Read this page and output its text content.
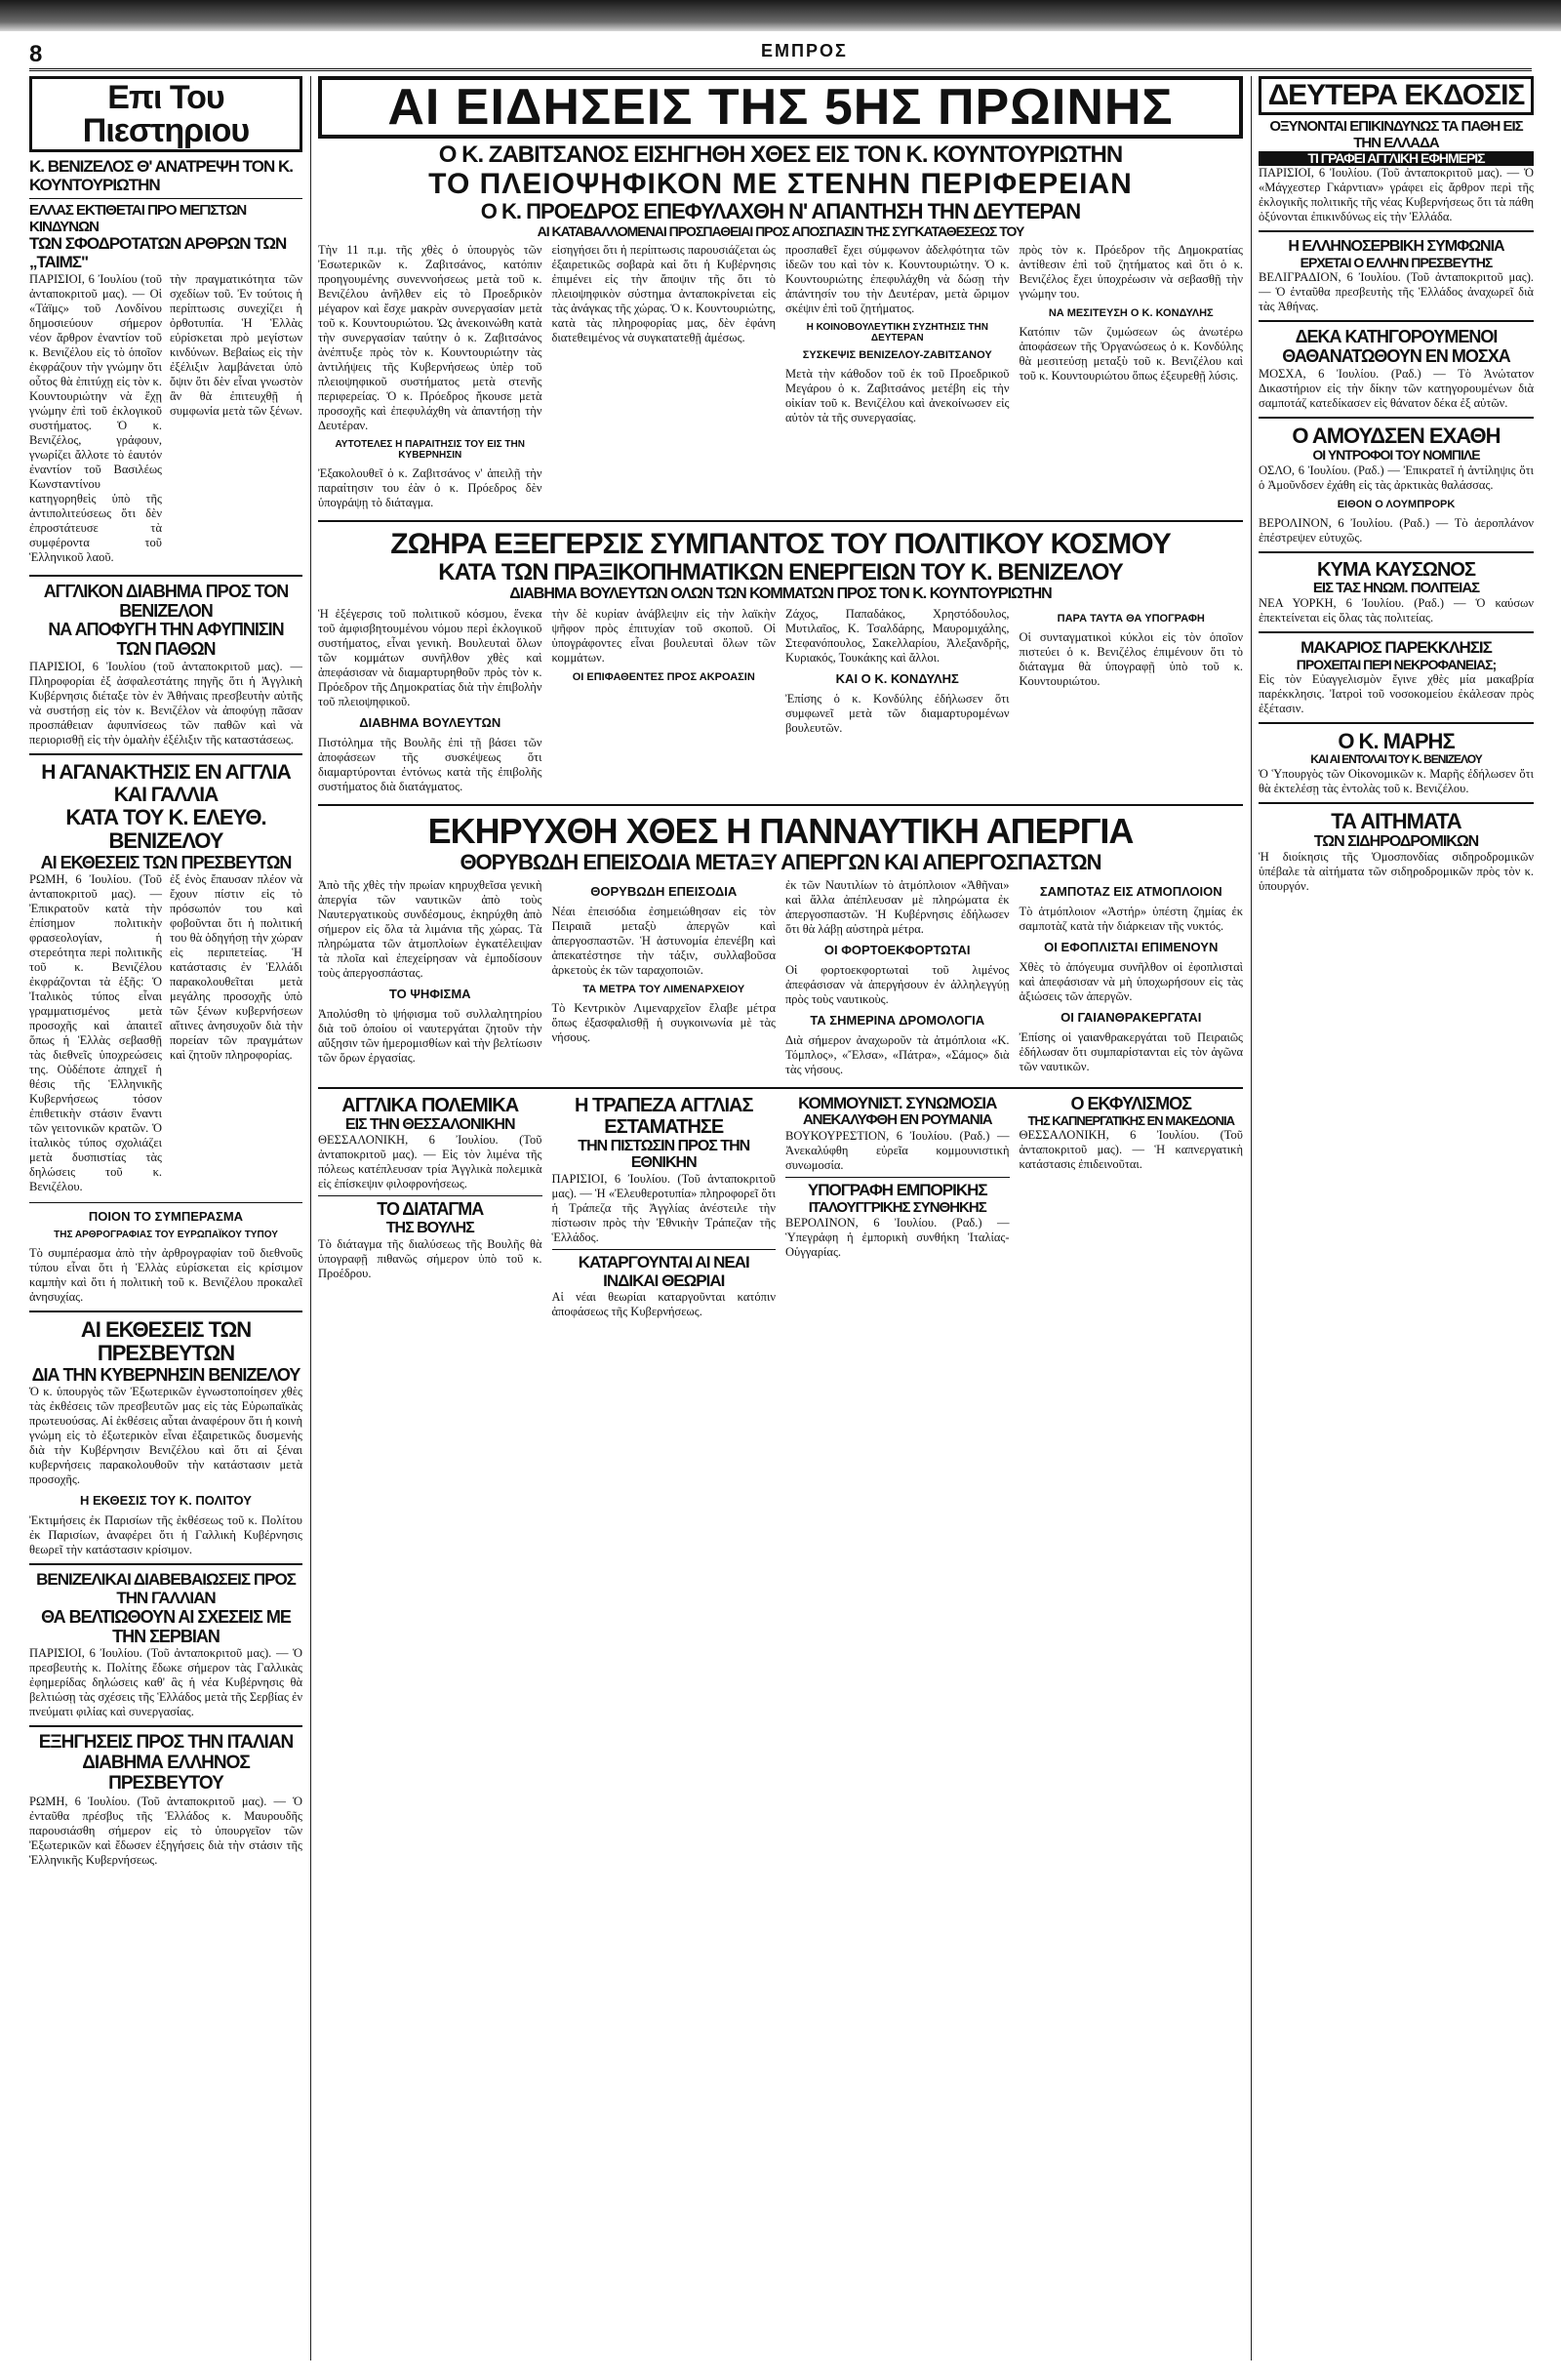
8	ΕΜΠΡΟΣ
Επι Του Πιεστηριου
Κ. ΒΕΝΙΖΕΛΟΣ Θ' ΑΝΑΤΡΕΨΗ ΤΟΝ Κ. ΚΟΥΝΤΟΥΡΙΩΤΗΝ
ΕΛΛΑΣ ΕΚΤΙΘΕΤΑΙ ΠΡΟ ΜΕΓΙΣΤΩΝ ΚΙΝΔΥΝΩΝ
ΤΩΝ ΣΦΟΔΡΟΤΑΤΩΝ ΑΡΘΡΩΝ ΤΩΝ „ΤΑΙΜΣ"

ΠΑΡΙΣΙΟΙ, 6 Ἰουλίου (τοῦ ἀνταποκριτοῦ μας). — Οἱ «Τάϊμς» τοῦ Λονδίνου δημοσιεύουν σήμερον νέον ἄρθρον ἐναντίον τοῦ κ. Βενιζέλου εἰς τὸ ὁποῖον ἐκφράζουν τὴν γνώμην ὅτι οὗτος θὰ ἐπιτύχῃ εἰς τὸν κ. Κουντουριώτην νὰ ἔχῃ γνώμην ἐπὶ τοῦ ἐκλογικοῦ συστήματος. Ὁ κ. Βενιζέλος, γράφουν, γνωρίζει ἄλλοτε τὸ ἑαυτόν ἐναντίον τοῦ Βασιλέως Κωνσταντίνου κατηγορηθεὶς ὑπὸ τῆς ἀντιπολιτεύσεως ὅτι δὲν ἐπροστάτευσε τὰ συμφέροντα τοῦ Ἑλληνικοῦ λαοῦ.

τὴν πραγματικότητα τῶν σχεδίων τοῦ. Ἐν τούτοις ἡ περίπτωσις συνεχίζει ἡ ὀρθοτυπία. Ἡ Ἑλλὰς εὑρίσκεται πρὸ μεγίστων κινδύνων. Βεβαίως εἰς τὴν ἐξέλιξιν λαμβάνεται ὑπὸ ὄψιν ὅτι δὲν εἶναι γνωστὸν ἂν θὰ ἐπιτευχθῇ ἡ συμφωνία μετὰ τῶν ξένων.

ΑΓΓΛΙΚΟΝ ΔΙΑΒΗΜΑ ΠΡΟΣ ΤΟΝ ΒΕΝΙΖΕΛΟΝ
ΝΑ ΑΠΟΦΥΓΗ ΤΗΝ ΑΦΥΠΝΙΣΙΝ ΤΩΝ ΠΑΘΩΝ

ΠΑΡΙΣΙΟΙ, 6 Ἰουλίου (τοῦ ἀνταποκριτοῦ μας). — Πληροφορίαι ἐξ ἀσφαλεστάτης πηγῆς ὅτι ἡ Ἀγγλικὴ Κυβέρνησις διέταξε τὸν ἐν Ἀθήναις πρεσβευτὴν αὐτῆς νὰ συστήσῃ εἰς τὸν κ. Βενιζέλον νὰ ἀποφύγῃ πᾶσαν προσπάθειαν ἀφυπνίσεως τῶν παθῶν καὶ νὰ περιορισθῇ εἰς τὴν ὁμαλὴν ἐξέλιξιν τῆς καταστάσεως.

Η ΑΓΑΝΑΚΤΗΣΙΣ ΕΝ ΑΓΓΛΙΑ ΚΑΙ ΓΑΛΛΙΑ
ΚΑΤΑ ΤΟΥ Κ. ΕΛΕΥΘ. ΒΕΝΙΖΕΛΟΥ
ΑΙ ΕΚΘΕΣΕΙΣ ΤΩΝ ΠΡΕΣΒΕΥΤΩΝ

ΡΩΜΗ, 6 Ἰουλίου. (Τοῦ ἀνταποκριτοῦ μας). — Ἐπικρατοῦν κατὰ τὴν ἐπίσημον πολιτικὴν φρασεολογίαν, ἡ στερεότητα περὶ πολιτικῆς τοῦ κ. Βενιζέλου ἐκφράζονται τὰ ἑξῆς: Ὁ Ἰταλικὸς τύπος εἶναι γραμματισμένος μετὰ προσοχῆς καὶ ἀπαιτεῖ ὅπως ἡ Ἑλλὰς σεβασθῇ τὰς διεθνεῖς ὑποχρεώσεις της. Οὐδέποτε ἀπηχεῖ ἡ θέσις τῆς Ἑλληνικῆς Κυβερνήσεως τόσον ἐπιθετικὴν στάσιν ἔναντι τῶν γειτονικῶν κρατῶν. Ὁ ἰταλικὸς τύπος σχολιάζει μετὰ δυσπιστίας τὰς δηλώσεις τοῦ κ. Βενιζέλου.

ἐξ ἐνὸς ἔπαυσαν πλέον νὰ ἔχουν πίστιν εἰς τὸ πρόσωπόν του καὶ φοβοῦνται ὅτι ἡ πολιτική του θὰ ὁδηγήσῃ τὴν χώραν εἰς περιπετείας. Ἡ κατάστασις ἐν Ἑλλάδι παρακολουθεῖται μετὰ μεγάλης προσοχῆς ὑπὸ τῶν ξένων κυβερνήσεων αἵτινες ἀνησυχοῦν διὰ τὴν πορείαν τῶν πραγμάτων καὶ ζητοῦν πληροφορίας.

ΠΟΙΟΝ ΤΟ ΣΥΜΠΕΡΑΣΜΑ
ΤΗΣ ΑΡΘΡΟΓΡΑΦΙΑΣ ΤΟΥ ΕΥΡΩΠΑΪΚΟΥ ΤΥΠΟΥ

Τὸ συμπέρασμα ἀπὸ τὴν ἀρθρογραφίαν τοῦ διεθνοῦς τύπου εἶναι ὅτι ἡ Ἑλλὰς εὑρίσκεται εἰς κρίσιμον καμπὴν καὶ ὅτι ἡ πολιτικὴ τοῦ κ. Βενιζέλου προκαλεῖ ἀνησυχίας.

ΑΙ ΕΚΘΕΣΕΙΣ ΤΩΝ ΠΡΕΣΒΕΥΤΩΝ
ΔΙΑ ΤΗΝ ΚΥΒΕΡΝΗΣΙΝ ΒΕΝΙΖΕΛΟΥ

Ὁ κ. ὑπουργὸς τῶν Ἐξωτερικῶν ἐγνωστοποίησεν χθὲς τὰς ἐκθέσεις τῶν πρεσβευτῶν μας εἰς τὰς Εὐρωπαϊκὰς πρωτευούσας. Αἱ ἐκθέσεις αὗται ἀναφέρουν ὅτι ἡ κοινὴ γνώμη εἰς τὸ ἐξωτερικὸν εἶναι ἐξαιρετικῶς δυσμενὴς διὰ τὴν Κυβέρνησιν Βενιζέλου καὶ ὅτι αἱ ξέναι κυβερνήσεις παρακολουθοῦν τὴν κατάστασιν μετὰ προσοχῆς.

Η ΕΚΘΕΣΙΣ ΤΟΥ Κ. ΠΟΛΙΤΟΥ

Ἐκτιμήσεις ἐκ Παρισίων τῆς ἐκθέσεως τοῦ κ. Πολίτου ἐκ Παρισίων, ἀναφέρει ὅτι ἡ Γαλλικὴ Κυβέρνησις θεωρεῖ τὴν κατάστασιν κρίσιμον.

ΒΕΝΙΖΕΛΙΚΑΙ ΔΙΑΒΕΒΑΙΩΣΕΙΣ ΠΡΟΣ ΤΗΝ ΓΑΛΛΙΑΝ
ΘΑ ΒΕΛΤΙΩΘΟΥΝ ΑΙ ΣΧΕΣΕΙΣ ΜΕ ΤΗΝ ΣΕΡΒΙΑΝ

ΠΑΡΙΣΙΟΙ, 6 Ἰουλίου. (Τοῦ ἀνταποκριτοῦ μας). — Ὁ πρεσβευτὴς κ. Πολίτης ἔδωκε σήμερον τὰς Γαλλικὰς ἐφημερίδας δηλώσεις καθ' ἃς ἡ νέα Κυβέρνησις θὰ βελτιώσῃ τὰς σχέσεις τῆς Ἑλλάδος μετὰ τῆς Σερβίας ἐν πνεύματι φιλίας καὶ συνεργασίας.

ΕΞΗΓΗΣΕΙΣ ΠΡΟΣ ΤΗΝ ΙΤΑΛΙΑΝ
ΔΙΑΒΗΜΑ ΕΛΛΗΝΟΣ ΠΡΕΣΒΕΥΤΟΥ

ΡΩΜΗ, 6 Ἰουλίου. (Τοῦ ἀνταποκριτοῦ μας). — Ὁ ἐνταῦθα πρέσβυς τῆς Ἑλλάδος κ. Μαυρουδῆς παρουσιάσθη σήμερον εἰς τὸ ὑπουργεῖον τῶν Ἐξωτερικῶν καὶ ἔδωσεν ἐξηγήσεις διὰ τὴν στάσιν τῆς Ἑλληνικῆς Κυβερνήσεως.

ΑΙ ΕΙΔΗΣΕΙΣ ΤΗΣ 5ΗΣ ΠΡΩΙΝΗΣ
Ο Κ. ΖΑΒΙΤΣΑΝΟΣ ΕΙΣΗΓΗΘΗ ΧΘΕΣ ΕΙΣ ΤΟΝ Κ. ΚΟΥΝΤΟΥΡΙΩΤΗΝ
ΤΟ ΠΛΕΙΟΨΗΦΙΚΟΝ ΜΕ ΣΤΕΝΗΝ ΠΕΡΙΦΕΡΕΙΑΝ
Ο Κ. ΠΡΟΕΔΡΟΣ ΕΠΕΦΥΛΑΧΘΗ Ν' ΑΠΑΝΤΗΣΗ ΤΗΝ ΔΕΥΤΕΡΑΝ
ΑΙ ΚΑΤΑΒΑΛΛΟΜΕΝΑΙ ΠΡΟΣΠΑΘΕΙΑΙ ΠΡΟΣ ΑΠΟΣΠΑΣΙΝ ΤΗΣ ΣΥΓΚΑΤΑΘΕΣΕΩΣ ΤΟΥ

Τὴν 11 π.μ. τῆς χθὲς ὁ ὑπουργὸς τῶν Ἐσωτερικῶν κ. Ζαβιτσάνος, κατόπιν προηγουμένης συνεννοήσεως μετὰ τοῦ κ. Βενιζέλου ἀνῆλθεν εἰς τὸ Προεδρικὸν μέγαρον καὶ ἔσχε μακρὰν συνεργασίαν μετὰ τοῦ κ. Κουντουριώτου. Ὡς ἀνεκοινώθη κατὰ τὴν συνεργασίαν ταύτην ὁ κ. Ζαβιτσάνος ἀνέπτυξε πρὸς τὸν κ. Κουντουριώτην τὰς ἀντιλήψεις τῆς Κυβερνήσεως ὑπὲρ τοῦ πλειοψηφικοῦ συστήματος μετὰ στενῆς περιφερείας. Ὁ κ. Πρόεδρος ἤκουσε μετὰ προσοχῆς καὶ ἐπεφυλάχθη νὰ ἀπαντήσῃ τὴν Δευτέραν.

ΑΥΤΟΤΕΛΕΣ Η ΠΑΡΑΙΤΗΣΙΣ ΤΟΥ ΕΙΣ ΤΗΝ ΚΥΒΕΡΝΗΣΙΝ

Ἐξακολουθεῖ ὁ κ. Ζαβιτσάνος ν' ἀπειλῇ τὴν παραίτησιν του ἐὰν ὁ κ. Πρόεδρος δὲν ὑπογράψῃ τὸ διάταγμα.

εἰσηγήσει ὅτι ἡ περίπτωσις παρουσιάζεται ὡς ἐξαιρετικῶς σοβαρὰ καὶ ὅτι ἡ Κυβέρνησις ἐπιμένει εἰς τὴν ἄποψιν τῆς ὅτι τὸ πλειοψηφικὸν σύστημα ἀνταποκρίνεται εἰς τὰς ἀνάγκας τῆς χώρας. Ὁ κ. Κουντουριώτης, κατὰ τὰς πληροφορίας μας, δὲν ἐφάνη διατεθειμένος νὰ συγκατατεθῇ ἀμέσως.

προσπαθεῖ ἔχει σύμφωνον ἀδελφότητα τῶν ἰδεῶν του καὶ τὸν κ. Κουντουριώτην. Ὁ κ. Κουντουριώτης ἐπεφυλάχθη νὰ δώσῃ τὴν ἀπάντησίν του τὴν Δευτέραν, μετὰ ὥριμον σκέψιν ἐπὶ τοῦ ζητήματος.

Η ΚΟΙΝΟΒΟΥΛΕΥΤΙΚΗ ΣΥΖΗΤΗΣΙΣ ΤΗΝ ΔΕΥΤΕΡΑΝ
ΣΥΣΚΕΨΙΣ ΒΕΝΙΖΕΛΟΥ-ΖΑΒΙΤΣΑΝΟΥ

Μετὰ τὴν κάθοδον τοῦ ἐκ τοῦ Προεδρικοῦ Μεγάρου ὁ κ. Ζαβιτσάνος μετέβη εἰς τὴν οἰκίαν τοῦ κ. Βενιζέλου καὶ ἀνεκοίνωσεν εἰς αὐτὸν τὰ τῆς συνεργασίας.

πρὸς τὸν κ. Πρόεδρον τῆς Δημοκρατίας ἀντίθεσιν ἐπὶ τοῦ ζητήματος καὶ ὅτι ὁ κ. Βενιζέλος ἔχει ὑποχρέωσιν νὰ σεβασθῇ τὴν γνώμην του.

ΝΑ ΜΕΣΙΤΕΥΣΗ Ο Κ. ΚΟΝΔΥΛΗΣ

Κατόπιν τῶν ζυμώσεων ὡς ἀνωτέρω ἀποφάσεων τῆς Ὀργανώσεως ὁ κ. Κονδύλης θὰ μεσιτεύσῃ μεταξὺ τοῦ κ. Βενιζέλου καὶ τοῦ κ. Κουντουριώτου ὅπως ἐξευρεθῇ λύσις.

ΖΩΗΡΑ ΕΞΕΓΕΡΣΙΣ ΣΥΜΠΑΝΤΟΣ ΤΟΥ ΠΟΛΙΤΙΚΟΥ ΚΟΣΜΟΥ
ΚΑΤΑ ΤΩΝ ΠΡΑΞΙΚΟΠΗΜΑΤΙΚΩΝ ΕΝΕΡΓΕΙΩΝ ΤΟΥ Κ. ΒΕΝΙΖΕΛΟΥ
ΔΙΑΒΗΜΑ ΒΟΥΛΕΥΤΩΝ ΟΛΩΝ ΤΩΝ ΚΟΜΜΑΤΩΝ ΠΡΟΣ ΤΟΝ Κ. ΚΟΥΝΤΟΥΡΙΩΤΗΝ

Ἡ ἐξέγερσις τοῦ πολιτικοῦ κόσμου, ἕνεκα τοῦ ἀμφισβητουμένου νόμου περὶ ἐκλογικοῦ συστήματος, εἶναι γενικὴ. Βουλευταὶ ὅλων τῶν κομμάτων συνῆλθον χθὲς καὶ ἀπεφάσισαν νὰ διαμαρτυρηθοῦν πρὸς τὸν κ. Πρόεδρον τῆς Δημοκρατίας διὰ τὴν ἐπιβολὴν τοῦ πλειοψηφικοῦ.

ΔΙΑΒΗΜΑ ΒΟΥΛΕΥΤΩΝ

Πιστόλημα τῆς Βουλῆς ἐπὶ τῇ βάσει τῶν ἀποφάσεων τῆς συσκέψεως ὅτι διαμαρτύρονται ἐντόνως κατὰ τῆς ἐπιβολῆς συστήματος διὰ διατάγματος.

τὴν δὲ κυρίαν ἀνάβλεψιν εἰς τὴν λαϊκὴν ψῆφον πρὸς ἐπιτυχίαν τοῦ σκοποῦ. Οἱ ὑπογράφοντες εἶναι βουλευταὶ ὅλων τῶν κομμάτων.

ΟΙ ΕΠΙΦΑΘΕΝΤΕΣ ΠΡΟΣ ΑΚΡΟΑΣΙΝ

Ζάχος, Παπαδάκος, Χρηστόδουλος, Μυτιλαῖος, Κ. Τσαλδάρης, Μαυρομιχάλης, Στεφανόπουλος, Σακελλαρίου, Ἀλεξανδρῆς, Κυριακός, Τουκάκης καὶ ἄλλοι.

ΚΑΙ Ο Κ. ΚΟΝΔΥΛΗΣ

Ἐπίσης ὁ κ. Κονδύλης ἐδήλωσεν ὅτι συμφωνεῖ μετὰ τῶν διαμαρτυρομένων βουλευτῶν.

ΠΑΡΑ ΤΑΥΤΑ ΘΑ ΥΠΟΓΡΑΦΗ

Οἱ συνταγματικοὶ κύκλοι εἰς τὸν ὁποῖον πιστεύει ὁ κ. Βενιζέλος ἐπιμένουν ὅτι τὸ διάταγμα θὰ ὑπογραφῇ ὑπὸ τοῦ κ. Κουντουριώτου.

ΕΚΗΡΥΧΘΗ ΧΘΕΣ Η ΠΑΝΝΑΥΤΙΚΗ ΑΠΕΡΓΙΑ
ΘΟΡΥΒΩΔΗ ΕΠΕΙΣΟΔΙΑ ΜΕΤΑΞΥ ΑΠΕΡΓΩΝ ΚΑΙ ΑΠΕΡΓΟΣΠΑΣΤΩΝ

Ἀπὸ τῆς χθὲς τὴν πρωίαν κηρυχθεῖσα γενικὴ ἀπεργία τῶν ναυτικῶν ἀπὸ τοὺς Ναυτεργατικοὺς συνδέσμους, ἐκηρύχθη ἀπὸ σήμερον εἰς ὅλα τὰ λιμάνια τῆς χώρας. Τὰ πληρώματα τῶν ἀτμοπλοίων ἐγκατέλειψαν τὰ πλοῖα καὶ ἐπεχείρησαν νὰ ἐμποδίσουν τοὺς ἀπεργοσπάστας.

ΤΟ ΨΗΦΙΣΜΑ

Ἀπολύσθη τὸ ψήφισμα τοῦ συλλαλητηρίου διὰ τοῦ ὁποίου οἱ ναυτεργάται ζητοῦν τὴν αὔξησιν τῶν ἡμερομισθίων καὶ τὴν βελτίωσιν τῶν ὅρων ἐργασίας.

ΘΟΡΥΒΩΔΗ ΕΠΕΙΣΟΔΙΑ

Νέαι ἐπεισόδια ἐσημειώθησαν εἰς τὸν Πειραιᾶ μεταξὺ ἀπεργῶν καὶ ἀπεργοσπαστῶν. Ἡ ἀστυνομία ἐπενέβη καὶ ἀπεκατέστησε τὴν τάξιν, συλλαβοῦσα ἀρκετοὺς ἐκ τῶν ταραχοποιῶν.

ΤΑ ΜΕΤΡΑ ΤΟΥ ΛΙΜΕΝΑΡΧΕΙΟΥ

Τὸ Κεντρικὸν Λιμεναρχεῖον ἔλαβε μέτρα ὅπως ἐξασφαλισθῇ ἡ συγκοινωνία μὲ τὰς νήσους.

ἐκ τῶν Ναυτιλίων τὸ ἀτμόπλοιον «Ἀθῆναι» καὶ ἄλλα ἀπέπλευσαν μὲ πληρώματα ἐκ ἀπεργοσπαστῶν. Ἡ Κυβέρνησις ἐδήλωσεν ὅτι θὰ λάβῃ αὐστηρὰ μέτρα.

ΟΙ ΦΟΡΤΟΕΚΦΟΡΤΩΤΑΙ

Οἱ φορτοεκφορτωταὶ τοῦ λιμένος ἀπεφάσισαν νὰ ἀπεργήσουν ἐν ἀλληλεγγύῃ πρὸς τοὺς ναυτικοὺς.

ΤΑ ΣΗΜΕΡΙΝΑ ΔΡΟΜΟΛΟΓΙΑ

Διὰ σήμερον ἀναχωροῦν τὰ ἀτμόπλοια «Κ. Τόμπλος», «Ἔλσα», «Πάτρα», «Σάμος» διὰ τὰς νήσους.

ΣΑΜΠΟΤΑΖ ΕΙΣ ΑΤΜΟΠΛΟΙΟΝ

Τὸ ἀτμόπλοιον «Ἀστήρ» ὑπέστη ζημίας ἐκ σαμποτὰζ κατὰ τὴν διάρκειαν τῆς νυκτός.

ΟΙ ΕΦΟΠΛΙΣΤΑΙ ΕΠΙΜΕΝΟΥΝ

Χθὲς τὸ ἀπόγευμα συνῆλθον οἱ ἐφοπλισταὶ καὶ ἀπεφάσισαν νὰ μὴ ὑποχωρήσουν εἰς τὰς ἀξιώσεις τῶν ἀπεργῶν.

ΟΙ ΓΑΙΑΝΘΡΑΚΕΡΓΑΤΑΙ

Ἐπίσης οἱ γαιανθρακεργάται τοῦ Πειραιῶς ἐδήλωσαν ὅτι συμπαρίστανται εἰς τὸν ἀγῶνα τῶν ναυτικῶν.

ΑΓΓΛΙΚΑ ΠΟΛΕΜΙΚΑ
ΕΙΣ ΤΗΝ ΘΕΣΣΑΛΟΝΙΚΗΝ

ΘΕΣΣΑΛΟΝΙΚΗ, 6 Ἰουλίου. (Τοῦ ἀνταποκριτοῦ μας). — Εἰς τὸν λιμένα τῆς πόλεως κατέπλευσαν τρία Ἀγγλικὰ πολεμικὰ εἰς ἐπίσκεψιν φιλοφρονήσεως.

ΤΟ ΔΙΑΤΑΓΜΑ
ΤΗΣ ΒΟΥΛΗΣ

Τὸ διάταγμα τῆς διαλύσεως τῆς Βουλῆς θὰ ὑπογραφῇ πιθανῶς σήμερον ὑπὸ τοῦ κ. Προέδρου.

Η ΤΡΑΠΕΖΑ ΑΓΓΛΙΑΣ ΕΣΤΑΜΑΤΗΣΕ
ΤΗΝ ΠΙΣΤΩΣΙΝ ΠΡΟΣ ΤΗΝ ΕΘΝΙΚΗΝ

ΠΑΡΙΣΙΟΙ, 6 Ἰουλίου. (Τοῦ ἀνταποκριτοῦ μας). — Ἡ «Ἐλευθεροτυπία» πληροφορεῖ ὅτι ἡ Τράπεζα τῆς Ἀγγλίας ἀνέστειλε τὴν πίστωσιν πρὸς τὴν Ἐθνικὴν Τράπεζαν τῆς Ἑλλάδος.

ΚΑΤΑΡΓΟΥΝΤΑΙ ΑΙ ΝΕΑΙ ΙΝΔΙΚΑΙ ΘΕΩΡΙΑΙ

Αἱ νέαι θεωρίαι καταργοῦνται κατόπιν ἀποφάσεως τῆς Κυβερνήσεως.

ΚΟΜΜΟΥΝΙΣΤ. ΣΥΝΩΜΟΣΙΑ
ΑΝΕΚΑΛΥΦΘΗ ΕΝ ΡΟΥΜΑΝΙΑ

ΒΟΥΚΟΥΡΕΣΤΙΟΝ, 6 Ἰουλίου. (Ραδ.) — Ἀνεκαλύφθη εὐρεῖα κομμουνιστικὴ συνωμοσία.

ΥΠΟΓΡΑΦΗ ΕΜΠΟΡΙΚΗΣ
ΙΤΑΛΟΥΓΓΡΙΚΗΣ ΣΥΝΘΗΚΗΣ

ΒΕΡΟΛΙΝΟΝ, 6 Ἰουλίου. (Ραδ.) — Ὑπεγράφη ἡ ἐμπορικὴ συνθήκη Ἰταλίας-Οὑγγαρίας.

Ο ΕΚΦΥΛΙΣΜΟΣ
ΤΗΣ ΚΑΠΝΕΡΓΑΤΙΚΗΣ ΕΝ ΜΑΚΕΔΟΝΙΑ

ΘΕΣΣΑΛΟΝΙΚΗ, 6 Ἰουλίου. (Τοῦ ἀνταποκριτοῦ μας). — Ἡ καπνεργατικὴ κατάστασις ἐπιδεινοῦται.

ΔΕΥΤΕΡΑ ΕΚΔΟΣΙΣ
ΟΞΥΝΟΝΤΑΙ ΕΠΙΚΙΝΔΥΝΩΣ ΤΑ ΠΑΘΗ ΕΙΣ ΤΗΝ ΕΛΛΑΔΑ
ΤΙ ΓΡΑΦΕΙ ΑΓΓΛΙΚΗ ΕΦΗΜΕΡΙΣ

ΠΑΡΙΣΙΟΙ, 6 Ἰουλίου. (Τοῦ ἀνταποκριτοῦ μας). — Ὁ «Μάγχεστερ Γκάρντιαν» γράφει εἰς ἄρθρον περὶ τῆς ἐκλογικῆς πολιτικῆς τῆς νέας Κυβερνήσεως ὅτι τὰ πάθη ὀξύνονται ἐπικινδύνως εἰς τὴν Ἑλλάδα.

Η ΕΛΛΗΝΟΣΕΡΒΙΚΗ ΣΥΜΦΩΝΙΑ
ΕΡΧΕΤΑΙ Ο ΕΛΛΗΝ ΠΡΕΣΒΕΥΤΗΣ

ΒΕΛΙΓΡΑΔΙΟΝ, 6 Ἰουλίου. (Τοῦ ἀνταποκριτοῦ μας). — Ὁ ἐνταῦθα πρεσβευτὴς τῆς Ἑλλάδος ἀναχωρεῖ διὰ τὰς Ἀθήνας.

ΔΕΚΑ ΚΑΤΗΓΟΡΟΥΜΕΝΟΙ ΘΑΘΑΝΑΤΩΘΟΥΝ ΕΝ ΜΟΣΧΑ

ΜΟΣΧΑ, 6 Ἰουλίου. (Ραδ.) — Τὸ Ἀνώτατον Δικαστήριον εἰς τὴν δίκην τῶν κατηγορουμένων διὰ σαμποτάζ κατεδίκασεν εἰς θάνατον δέκα ἐξ αὐτῶν.

Ο ΑΜΟΥΔΣΕΝ ΕΧΑΘΗ
ΟΙ ΥΝΤΡΟΦΟΙ ΤΟΥ ΝΟΜΠΙΛΕ

ΟΣΛΟ, 6 Ἰουλίου. (Ραδ.) — Ἐπικρατεῖ ἡ ἀντίληψις ὅτι ὁ Ἀμοῦνδσεν ἐχάθη εἰς τὰς ἀρκτικὰς θαλάσσας.

ΕΙΘΟΝ Ο ΛΟΥΜΠΡΟΡΚ

ΒΕΡΟΛΙΝΟΝ, 6 Ἰουλίου. (Ραδ.) — Τὸ ἀεροπλάνον ἐπέστρεψεν εὐτυχῶς.

ΚΥΜΑ ΚΑΥΣΩΝΟΣ
ΕΙΣ ΤΑΣ ΗΝΩΜ. ΠΟΛΙΤΕΙΑΣ

ΝΕΑ ΥΟΡΚΗ, 6 Ἰουλίου. (Ραδ.) — Ὁ καύσων ἐπεκτείνεται εἰς ὅλας τὰς πολιτείας.

ΜΑΚΑΡΙΟΣ ΠΑΡΕΚΚΛΗΣΙΣ
ΠΡΟΧΕΙΤΑΙ ΠΕΡΙ ΝΕΚΡΟΦΑΝΕΙΑΣ;

Εἰς τὸν Εὐαγγελισμὸν ἔγινε χθὲς μία μακαβρία παρέκκλησις. Ἰατροὶ τοῦ νοσοκομείου ἐκάλεσαν πρὸς ἐξέτασιν.

Ο Κ. ΜΑΡΗΣ
ΚΑΙ ΑΙ ΕΝΤΟΛΑΙ ΤΟΥ Κ. ΒΕΝΙΖΕΛΟΥ

Ὁ Ὑπουργὸς τῶν Οἰκονομικῶν κ. Μαρῆς ἐδήλωσεν ὅτι θὰ ἐκτελέσῃ τὰς ἐντολὰς τοῦ κ. Βενιζέλου.

ΤΑ ΑΙΤΗΜΑΤΑ
ΤΩΝ ΣΙΔΗΡΟΔΡΟΜΙΚΩΝ

Ἡ διοίκησις τῆς Ὁμοσπονδίας σιδηροδρομικῶν ὑπέβαλε τὰ αἰτήματα τῶν σιδηροδρομικῶν πρὸς τὸν κ. ὑπουργόν.
